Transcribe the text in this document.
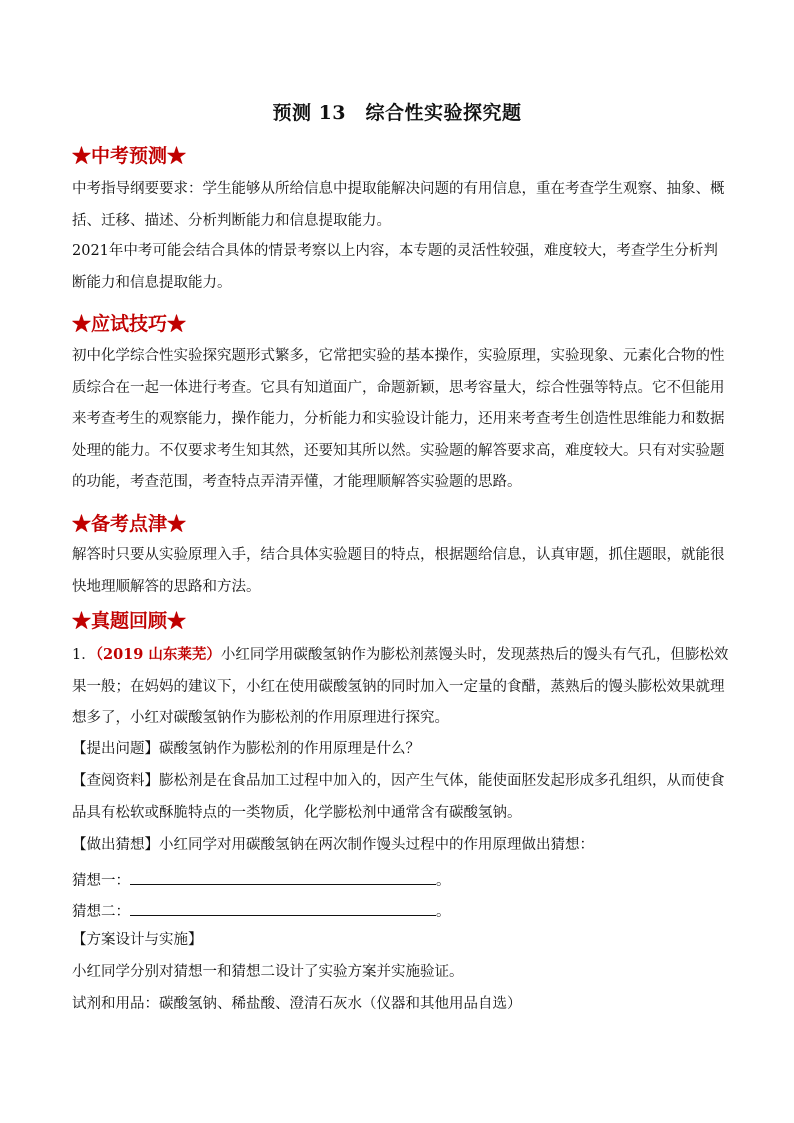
预测 13　综合性实验探究题
★中考预测★
中考指导纲要要求：学生能够从所给信息中提取能解决问题的有用信息，重在考查学生观察、抽象、概括、迁移、描述、分析判断能力和信息提取能力。
2021年中考可能会结合具体的情景考察以上内容，本专题的灵活性较强，难度较大，考查学生分析判断能力和信息提取能力。
★应试技巧★
初中化学综合性实验探究题形式繁多，它常把实验的基本操作，实验原理，实验现象、元素化合物的性质综合在一起一体进行考查。它具有知道面广，命题新颖，思考容量大，综合性强等特点。它不但能用来考查考生的观察能力，操作能力，分析能力和实验设计能力，还用来考查考生创造性思维能力和数据处理的能力。不仅要求考生知其然，还要知其所以然。实验题的解答要求高，难度较大。只有对实验题的功能，考查范围，考查特点弄清弄懂，才能理顺解答实验题的思路。
★备考点津★
解答时只要从实验原理入手，结合具体实验题目的特点，根据题给信息，认真审题，抓住题眼，就能很快地理顺解答的思路和方法。
★真题回顾★
1．（2019 山东莱芜）小红同学用碳酸氢钠作为膨松剂蒸馒头时，发现蒸热后的馒头有气孔，但膨松效果一般；在妈妈的建议下，小红在使用碳酸氢钠的同时加入一定量的食醋，蒸熟后的馒头膨松效果就理想多了，小红对碳酸氢钠作为膨松剂的作用原理进行探究。
【提出问题】碳酸氢钠作为膨松剂的作用原理是什么？
【查阅资料】膨松剂是在食品加工过程中加入的，因产生气体，能使面胚发起形成多孔组织，从而使食品具有松软或酥脆特点的一类物质，化学膨松剂中通常含有碳酸氢钠。
【做出猜想】小红同学对用碳酸氢钠在两次制作馒头过程中的作用原理做出猜想：
猜想一：	。
猜想二：	。
【方案设计与实施】
小红同学分别对猜想一和猜想二设计了实验方案并实施验证。
试剂和用品：碳酸氢钠、稀盐酸、澄清石灰水（仪器和其他用品自选）
